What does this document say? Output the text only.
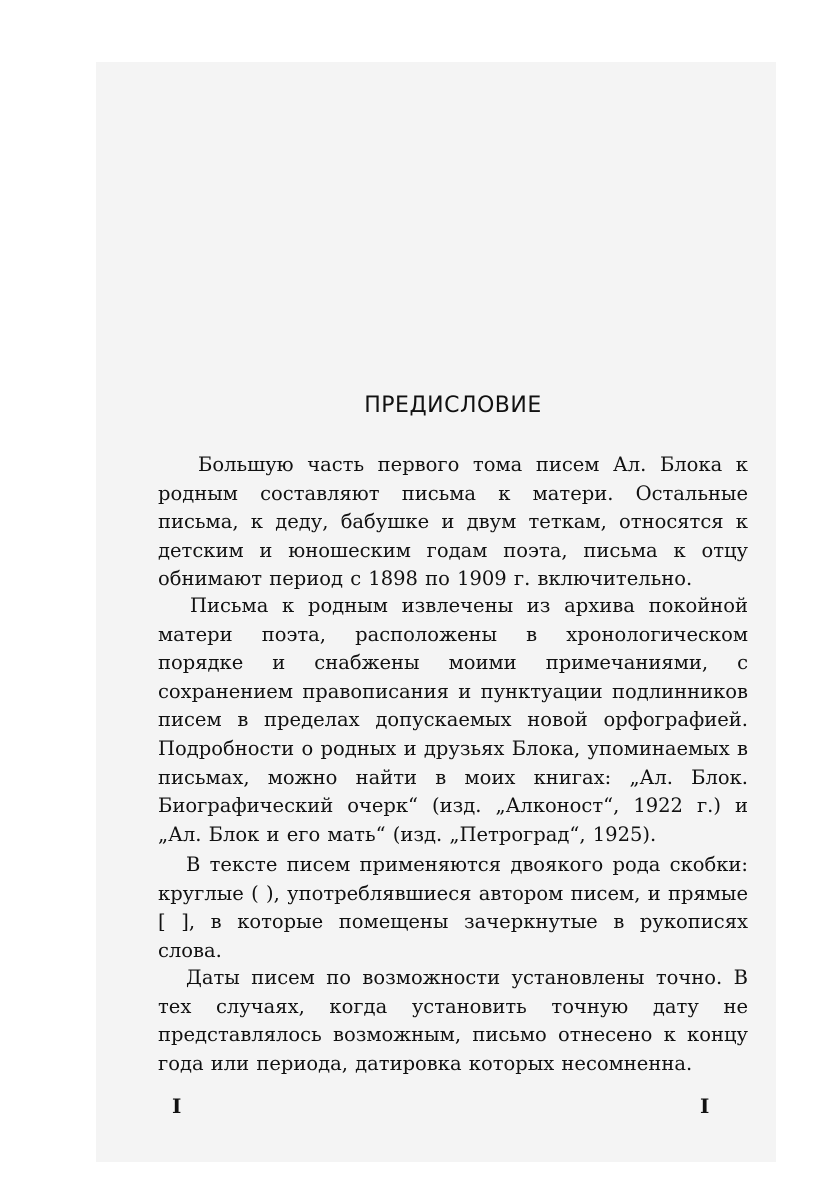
ПРЕДИСЛОВИЕ

Большую часть первого тома писем Ал. Блока к родным составляют письма к матери. Остальные письма, к деду, бабушке и двум теткам, относятся к детским и юношеским годам поэта, письма к отцу обнимают период с 1898 по 1909 г. включительно.

Письма к родным извлечены из архива покойной матери поэта, расположены в хронологическом порядке и снабжены моими примечаниями, с сохранением правописания и пунктуации подлинников писем в пределах допускаемых новой орфографией. Подробности о родных и друзьях Блока, упоминаемых в письмах, можно найти в моих книгах: „Ал. Блок. Биографический очерк“ (изд. „Алконост“, 1922 г.) и „Ал. Блок и его мать“ (изд. „Петроград“, 1925).

В тексте писем применяются двоякого рода скобки: круглые ( ), употреблявшиеся автором писем, и прямые [ ], в которые помещены зачеркнутые в рукописях слова.

Даты писем по возможности установлены точно. В тех случаях, когда установить точную дату не представлялось возможным, письмо отнесено к концу года или периода, датировка которых несомненна.

I	I
